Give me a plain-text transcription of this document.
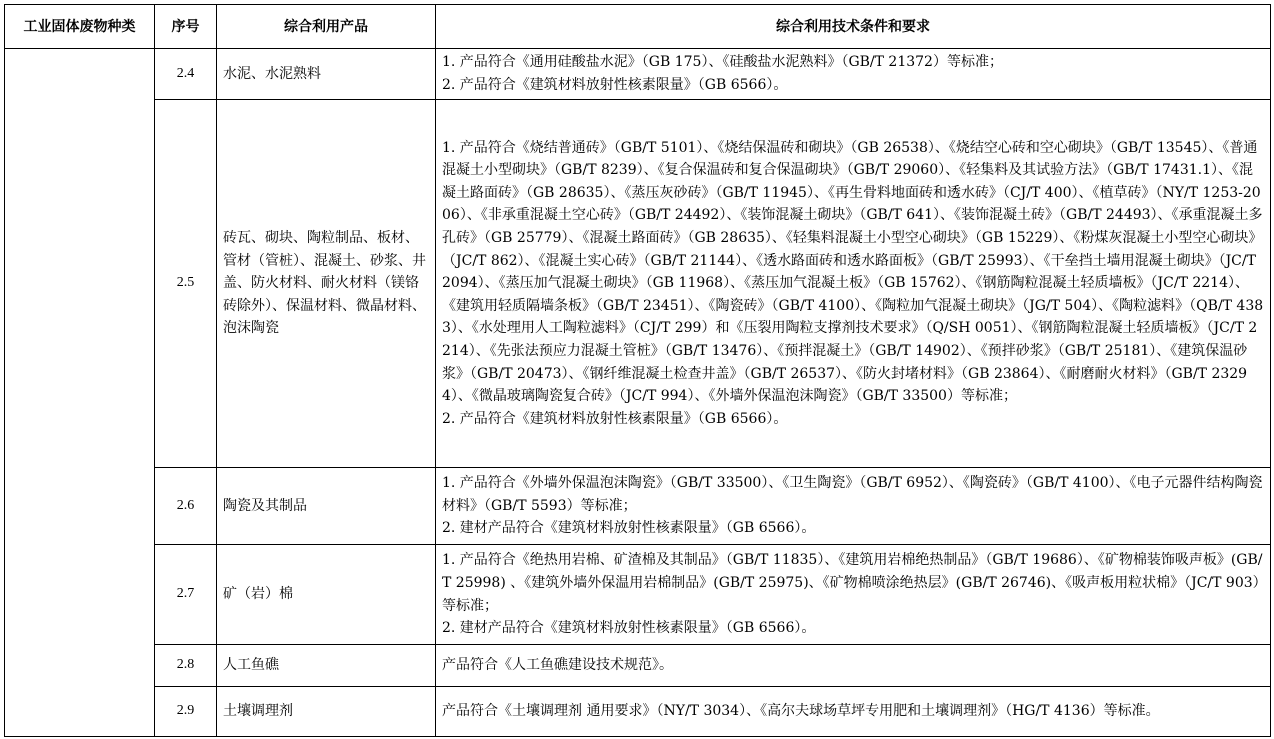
工业固体废物种类	序号	综合利用产品	综合利用技术条件和要求
	2.4	水泥、水泥熟料	1. 产品符合《通用硅酸盐水泥》（GB 175）、《硅酸盐水泥熟料》（GB/T 21372）等标准；
2. 产品符合《建筑材料放射性核素限量》（GB 6566）。

	2.5	砖瓦、砌块、陶粒制品、板材、管材（管桩）、混凝土、砂浆、井盖、防火材料、耐火材料（镁铬砖除外）、保温材料、微晶材料、泡沫陶瓷	1. 产品符合《烧结普通砖》（GB/T 5101）、《烧结保温砖和砌块》（GB 26538）、《烧结空心砖和空心砌块》（GB/T 13545）、《普通混凝土小型砌块》（GB/T 8239）、《复合保温砖和复合保温砌块》（GB/T 29060）、《轻集料及其试验方法》（GB/T 17431.1）、《混凝土路面砖》（GB 28635）、《蒸压灰砂砖》（GB/T 11945）、《再生骨料地面砖和透水砖》（CJ/T 400）、《植草砖》（NY/T 1253-2006）、《非承重混凝土空心砖》（GB/T 24492）、《装饰混凝土砌块》（GB/T 641）、《装饰混凝土砖》（GB/T 24493）、《承重混凝土多孔砖》（GB 25779）、《混凝土路面砖》（GB 28635）、《轻集料混凝土小型空心砌块》（GB 15229）、《粉煤灰混凝土小型空心砌块》（JC/T 862）、《混凝土实心砖》（GB/T 21144）、《透水路面砖和透水路面板》（GB/T 25993）、《干垒挡土墙用混凝土砌块》（JC/T 2094）、《蒸压加气混凝土砌块》（GB 11968）、《蒸压加气混凝土板》（GB 15762）、《钢筋陶粒混凝土轻质墙板》（JC/T 2214）、《建筑用轻质隔墙条板》（GB/T 23451）、《陶瓷砖》（GB/T 4100）、《陶粒加气混凝土砌块》（JG/T 504）、《陶粒滤料》（QB/T 4383）、《水处理用人工陶粒滤料》（CJ/T 299）和《压裂用陶粒支撑剂技术要求》（Q/SH 0051）、《钢筋陶粒混凝土轻质墙板》（JC/T 2214）、《先张法预应力混凝土管桩》（GB/T 13476）、《预拌混凝土》（GB/T 14902）、《预拌砂浆》（GB/T 25181）、《建筑保温砂浆》（GB/T 20473）、《钢纤维混凝土检查井盖》（GB/T 26537）、《防火封堵材料》（GB 23864）、《耐磨耐火材料》（GB/T 23294）、《微晶玻璃陶瓷复合砖》（JC/T 994）、《外墙外保温泡沫陶瓷》（GB/T 33500）等标准；
2. 产品符合《建筑材料放射性核素限量》（GB 6566）。

	2.6	陶瓷及其制品	1. 产品符合《外墙外保温泡沫陶瓷》（GB/T 33500）、《卫生陶瓷》（GB/T 6952）、《陶瓷砖》（GB/T 4100）、《电子元器件结构陶瓷材料》（GB/T 5593）等标准；
2. 建材产品符合《建筑材料放射性核素限量》（GB 6566）。

	2.7	矿（岩）棉	1. 产品符合《绝热用岩棉、矿渣棉及其制品》（GB/T 11835）、《建筑用岩棉绝热制品》（GB/T 19686）、《矿物棉装饰吸声板》(GB/T 25998) 、《建筑外墙外保温用岩棉制品》(GB/T 25975)、《矿物棉喷涂绝热层》(GB/T 26746)、《吸声板用粒状棉》（JC/T 903）等标准；
2. 建材产品符合《建筑材料放射性核素限量》（GB 6566）。

	2.8	人工鱼礁	产品符合《人工鱼礁建设技术规范》。

	2.9	土壤调理剂	产品符合《土壤调理剂 通用要求》（NY/T 3034）、《高尔夫球场草坪专用肥和土壤调理剂》（HG/T 4136）等标准。
